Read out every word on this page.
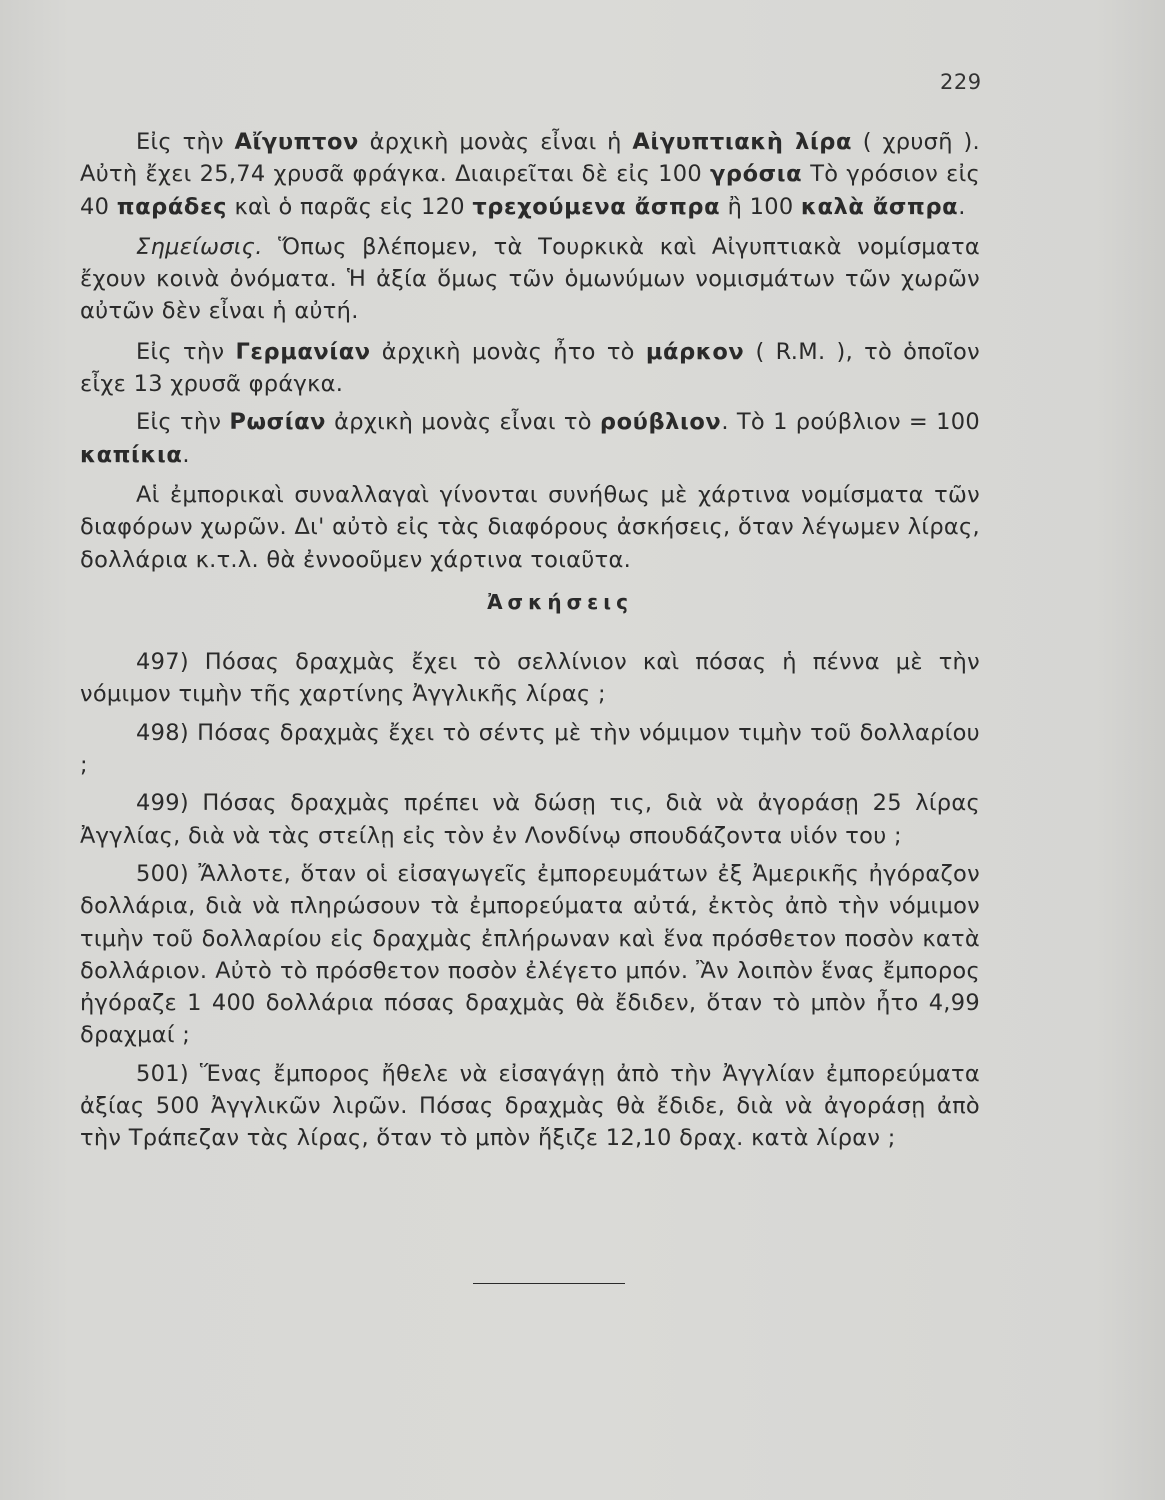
229

Εἰς τὴν Αἴγυπτον ἀρχικὴ μονὰς εἶναι ἡ Αἰγυπτιακὴ λίρα ( χρυσῆ ). Αὐτὴ ἔχει 25,74 χρυσᾶ φράγκα. Διαιρεῖται δὲ εἰς 100 γρόσια Τὸ γρόσιον εἰς 40 παράδες καὶ ὁ παρᾶς εἰς 120 τρεχούμενα ἄσπρα ἢ 100 καλὰ ἄσπρα.

Σημείωσις. Ὅπως βλέπομεν, τὰ Τουρκικὰ καὶ Αἰγυπτιακὰ νομίσματα ἔχουν κοινὰ ὀνόματα. Ἡ ἀξία ὅμως τῶν ὁμωνύμων νομισμάτων τῶν χωρῶν αὐτῶν δὲν εἶναι ἡ αὐτή.

Εἰς τὴν Γερμανίαν ἀρχικὴ μονὰς ἦτο τὸ μάρκον ( R.M. ), τὸ ὁποῖον εἶχε 13 χρυσᾶ φράγκα.

Εἰς τὴν Ρωσίαν ἀρχικὴ μονὰς εἶναι τὸ ρούβλιον. Τὸ 1 ρούβλιον = 100 καπίκια.

Αἱ ἐμπορικαὶ συναλλαγαὶ γίνονται συνήθως μὲ χάρτινα νομίσματα τῶν διαφόρων χωρῶν. Δι' αὐτὸ εἰς τὰς διαφόρους ἀσκήσεις, ὅταν λέγωμεν λίρας, δολλάρια κ.τ.λ. θὰ ἐννοοῦμεν χάρτινα τοιαῦτα.

Ἀσκήσεις

497) Πόσας δραχμὰς ἔχει τὸ σελλίνιον καὶ πόσας ἡ πέννα μὲ τὴν νόμιμον τιμὴν τῆς χαρτίνης Ἀγγλικῆς λίρας ;

498) Πόσας δραχμὰς ἔχει τὸ σέντς μὲ τὴν νόμιμον τιμὴν τοῦ δολλαρίου ;

499) Πόσας δραχμὰς πρέπει νὰ δώσῃ τις, διὰ νὰ ἀγοράσῃ 25 λίρας Ἀγγλίας, διὰ νὰ τὰς στείλῃ εἰς τὸν ἐν Λονδίνῳ σπουδάζοντα υἱόν του ;

500) Ἄλλοτε, ὅταν οἱ εἰσαγωγεῖς ἐμπορευμάτων ἐξ Ἀμερικῆς ἠγόραζον δολλάρια, διὰ νὰ πληρώσουν τὰ ἐμπορεύματα αὐτά, ἐκτὸς ἀπὸ τὴν νόμιμον τιμὴν τοῦ δολλαρίου εἰς δραχμὰς ἐπλήρωναν καὶ ἕνα πρόσθετον ποσὸν κατὰ δολλάριον. Αὐτὸ τὸ πρόσθετον ποσὸν ἐλέγετο μπόν. Ἂν λοιπὸν ἕνας ἔμπορος ἠγόραζε 1 400 δολλάρια πόσας δραχμὰς θὰ ἔδιδεν, ὅταν τὸ μπὸν ἦτο 4,99 δραχμαί ;

501) Ἕνας ἔμπορος ἤθελε νὰ εἰσαγάγῃ ἀπὸ τὴν Ἀγγλίαν ἐμπορεύματα ἀξίας 500 Ἀγγλικῶν λιρῶν. Πόσας δραχμὰς θὰ ἔδιδε, διὰ νὰ ἀγοράσῃ ἀπὸ τὴν Τράπεζαν τὰς λίρας, ὅταν τὸ μπὸν ἤξιζε 12,10 δραχ. κατὰ λίραν ;
